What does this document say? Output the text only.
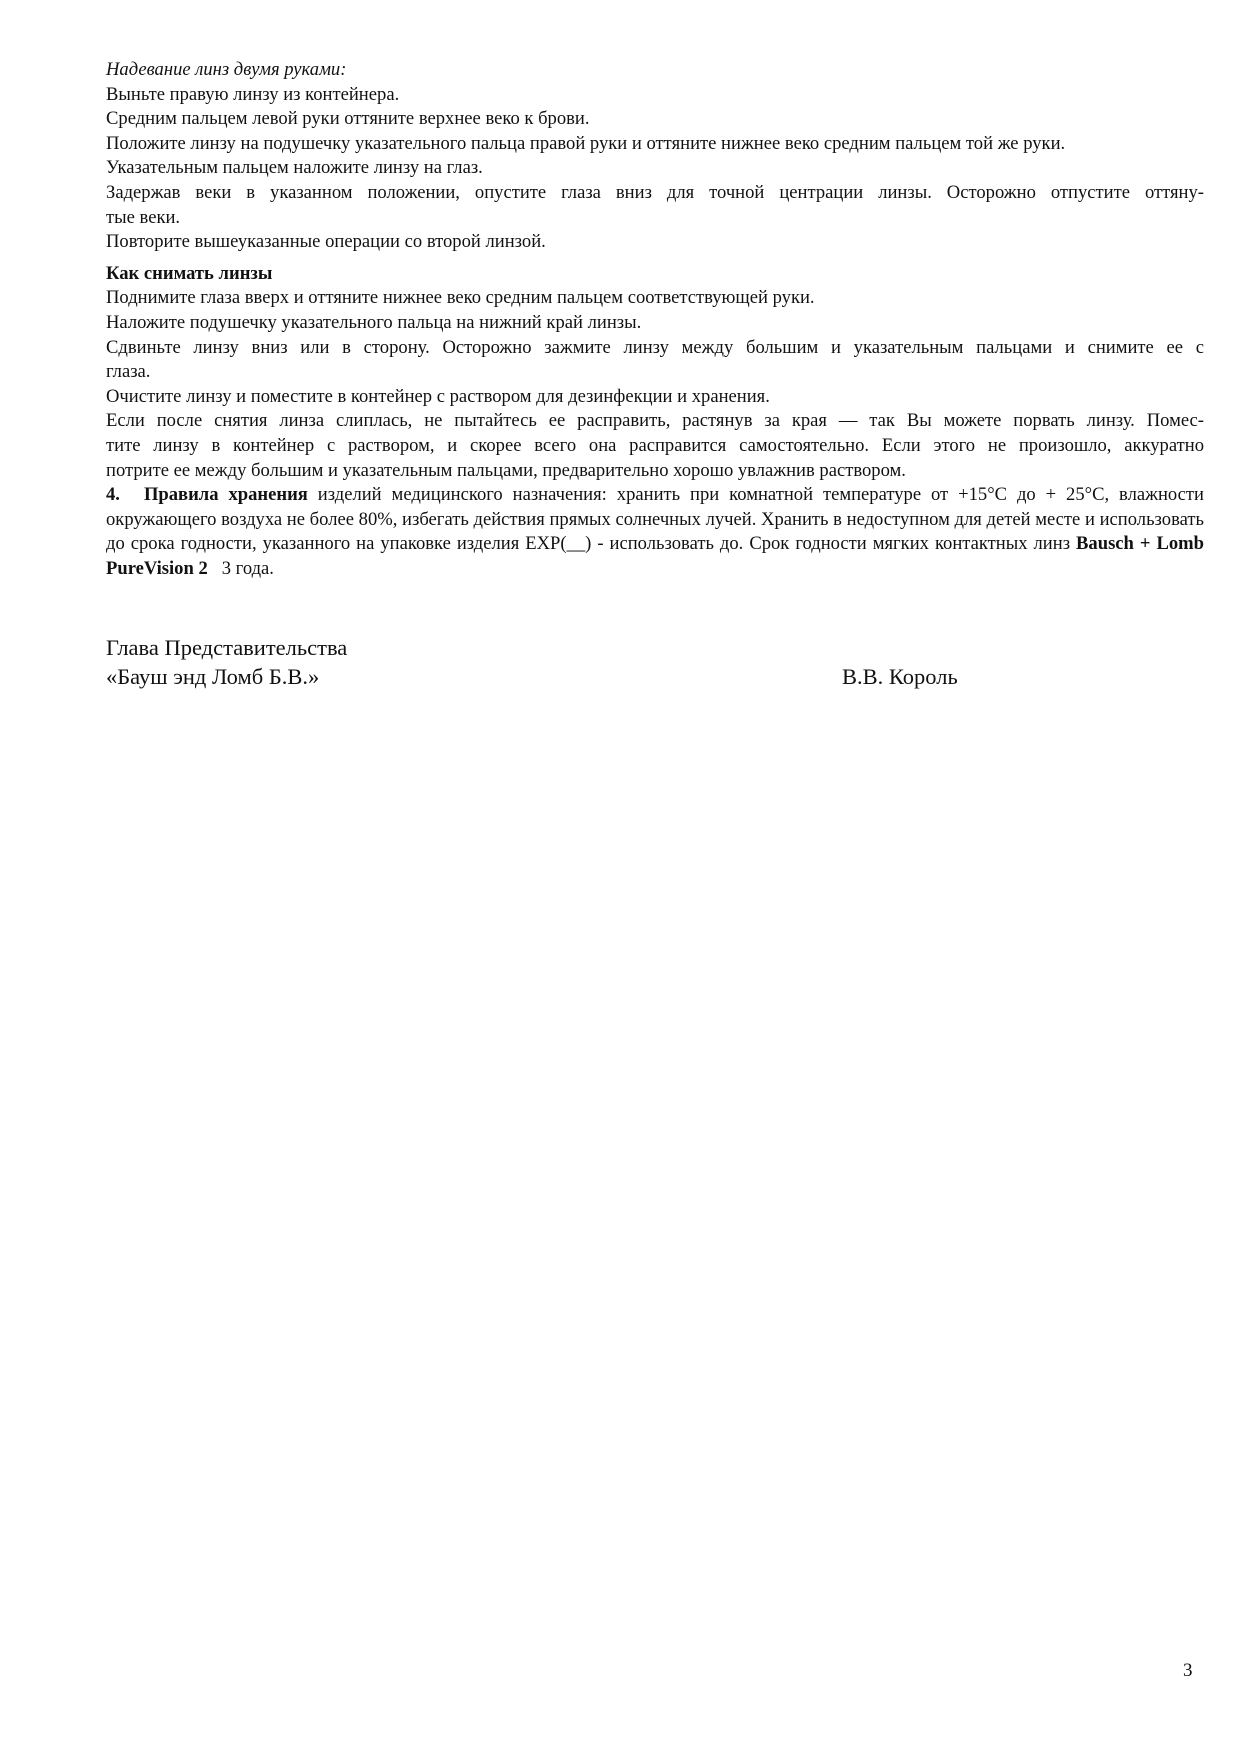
Надевание линз двумя руками:

Выньте правую линзу из контейнера.

Средним пальцем левой руки оттяните верхнее веко к брови.

Положите линзу на подушечку указательного пальца правой руки и оттяните нижнее веко средним пальцем той же руки.

Указательным пальцем наложите линзу на глаз.

Задержав веки в указанном положении, опустите глаза вниз для точной центрации линзы. Осторожно отпустите оттяну-

тые веки.

Повторите вышеуказанные операции со второй линзой.

Как снимать линзы

Поднимите глаза вверх и оттяните нижнее веко средним пальцем соответствующей руки.

Наложите подушечку указательного пальца на нижний край линзы.

Сдвиньте линзу вниз или в сторону. Осторожно зажмите линзу между большим и указательным пальцами и снимите ее с

глаза.

Очистите линзу и поместите в контейнер с раствором для дезинфекции и хранения.

Если после снятия линза слиплась, не пытайтесь ее расправить, растянув за края — так Вы можете порвать линзу. Помес-

тите линзу в контейнер с раствором, и скорее всего она расправится самостоятельно. Если этого не произошло, аккуратно

потрите ее между большим и указательным пальцами, предварительно хорошо увлажнив раствором.

4. Правила хранения изделий медицинского назначения: хранить при комнатной температуре от +15°С до + 25°С, влажности окружающего воздуха не более 80%, избегать действия прямых солнечных лучей. Хранить в недоступном для детей месте и использовать до срока годности, указанного на упаковке изделия EXP(__) - использовать до. Срок годности мягких контактных линз Bausch + Lomb PureVision 2   3 года.

Глава Представительства
«Бауш энд Ломб Б.В.»	В.В. Король
3
